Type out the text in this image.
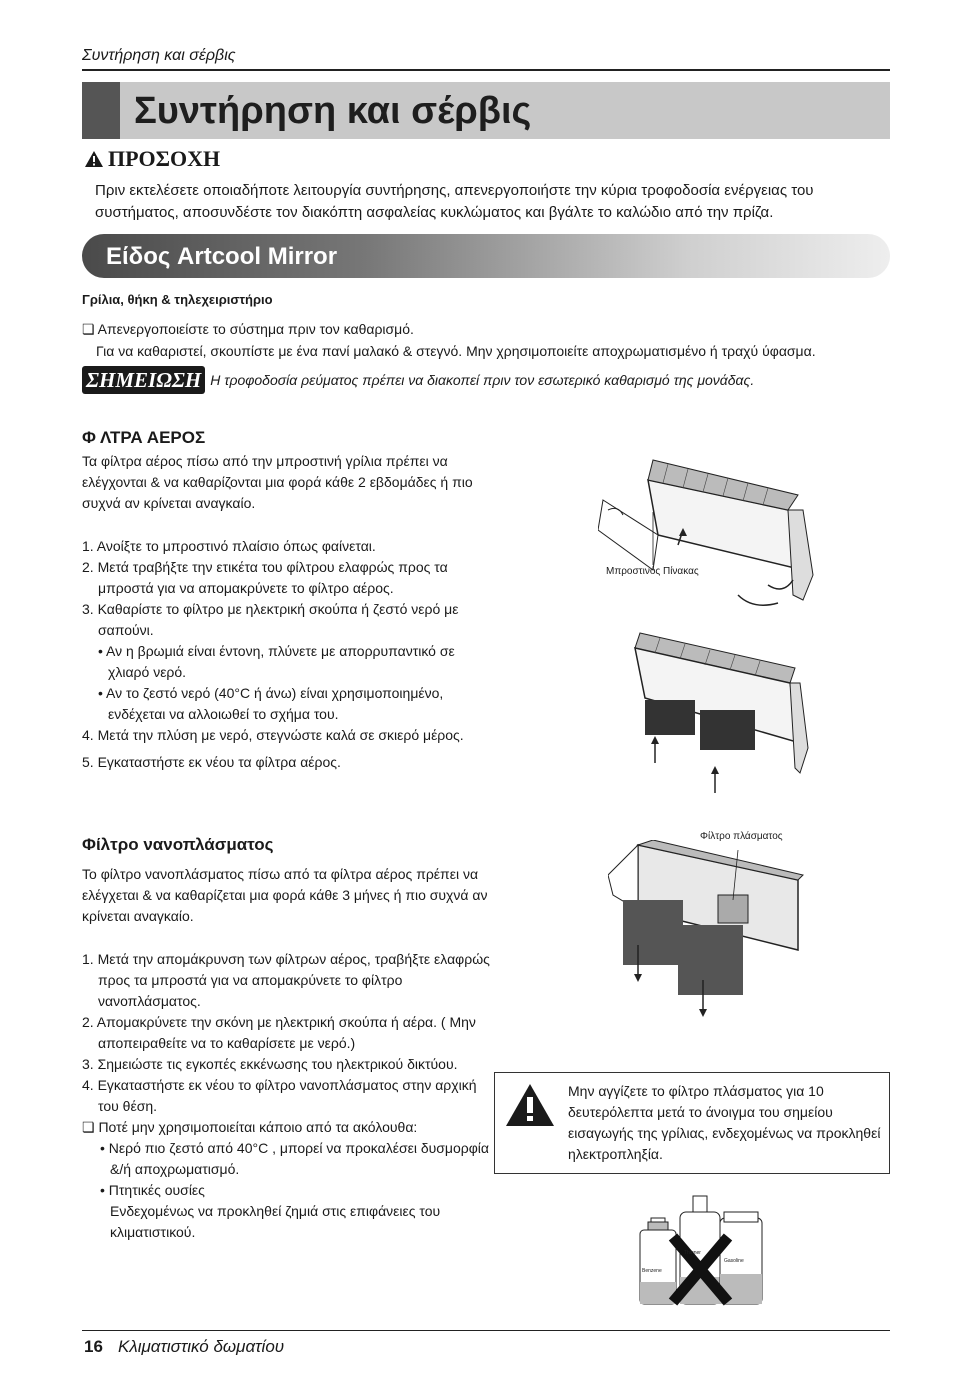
Συντήρηση και σέρβις
Συντήρηση και σέρβις
ΠΡΟΣΟΧΗ
Πριν εκτελέσετε οποιαδήποτε λειτουργία συντήρησης, απενεργοποιήστε την κύρια τροφοδοσία ενέργειας του συστήματος, αποσυνδέστε τον διακόπτη ασφαλείας κυκλώματος και βγάλτε το καλώδιο από την πρίζα.
Είδος Artcool Mirror
Γρίλια, θήκη & τηλεχειριστήριο
❏ Απενεργοποιείστε το σύστημα πριν τον καθαρισμό.
Για να καθαριστεί, σκουπίστε με ένα πανί μαλακό & στεγνό. Μην χρησιμοποιείτε αποχρωματισμένο ή τραχύ ύφασμα.
ΣΗΜΕΙΩΣΗ Η τροφοδοσία ρεύματος πρέπει να διακοπεί πριν τον εσωτερικό καθαρισμό της μονάδας.
Φ ΛΤΡΑ ΑΕΡΟΣ
Τα φίλτρα αέρος πίσω από την μπροστινή γρίλια πρέπει να ελέγχονται & να καθαρίζονται μια φορά κάθε 2 εβδομάδες ή πιο συχνά αν κρίνεται αναγκαίο.
1. Ανοίξτε το μπροστινό πλαίσιο όπως φαίνεται.
2. Μετά τραβήξτε την ετικέτα του φίλτρου ελαφρώς προς τα μπροστά για να απομακρύνετε το φίλτρο αέρος.
3. Καθαρίστε το φίλτρο με ηλεκτρική σκούπα ή ζεστό νερό με σαπούνι.
• Αν η βρωμιά είναι έντονη, πλύνετε με απορρυπαντικό σε χλιαρό νερό.
• Αν το ζεστό νερό (40°C ή άνω) είναι χρησιμοποιημένο, ενδέχεται να αλλοιωθεί το σχήμα του.
4. Μετά την πλύση με νερό, στεγνώστε καλά σε σκιερό μέρος.
5. Εγκαταστήστε εκ νέου τα φίλτρα αέρος.
Φίλτρο νανοπλάσματος
Το φίλτρο νανοπλάσματος πίσω από τα φίλτρα αέρος πρέπει να ελέγχεται & να καθαρίζεται μια φορά κάθε 3 μήνες ή πιο συχνά αν κρίνεται αναγκαίο.
1. Μετά την απομάκρυνση των φίλτρων αέρος, τραβήξτε ελαφρώς προς τα μπροστά για να απομακρύνετε το φίλτρο νανοπλάσματος.
2. Απομακρύνετε την σκόνη με ηλεκτρική σκούπα ή αέρα. ( Μην αποπειραθείτε να το καθαρίσετε με νερό.)
3. Σημειώστε τις εγκοπές εκκένωσης του ηλεκτρικού δικτύου.
4. Εγκαταστήστε εκ νέου το φίλτρο νανοπλάσματος στην αρχική του θέση.
❏ Ποτέ μην χρησιμοποιείται κάποιο από τα ακόλουθα:
• Νερό πιο ζεστό από 40°C , μπορεί να προκαλέσει δυσμορφία &/ή αποχρωματισμό.
• Πτητικές ουσίες
Ενδεχομένως να προκληθεί ζημιά στις επιφάνειες του κλιματιστικού.
Μπροστινός Πίνακας
Φίλτρο πλάσματος
Μην αγγίζετε το φίλτρο πλάσματος για 10 δευτερόλεπτα μετά το άνοιγμα του σημείου εισαγωγής της γρίλιας, ενδεχομένως να προκληθεί ηλεκτροπληξία.
Benzene
Thinner
Gasoline
16 Κλιματιστικό δωματίου
